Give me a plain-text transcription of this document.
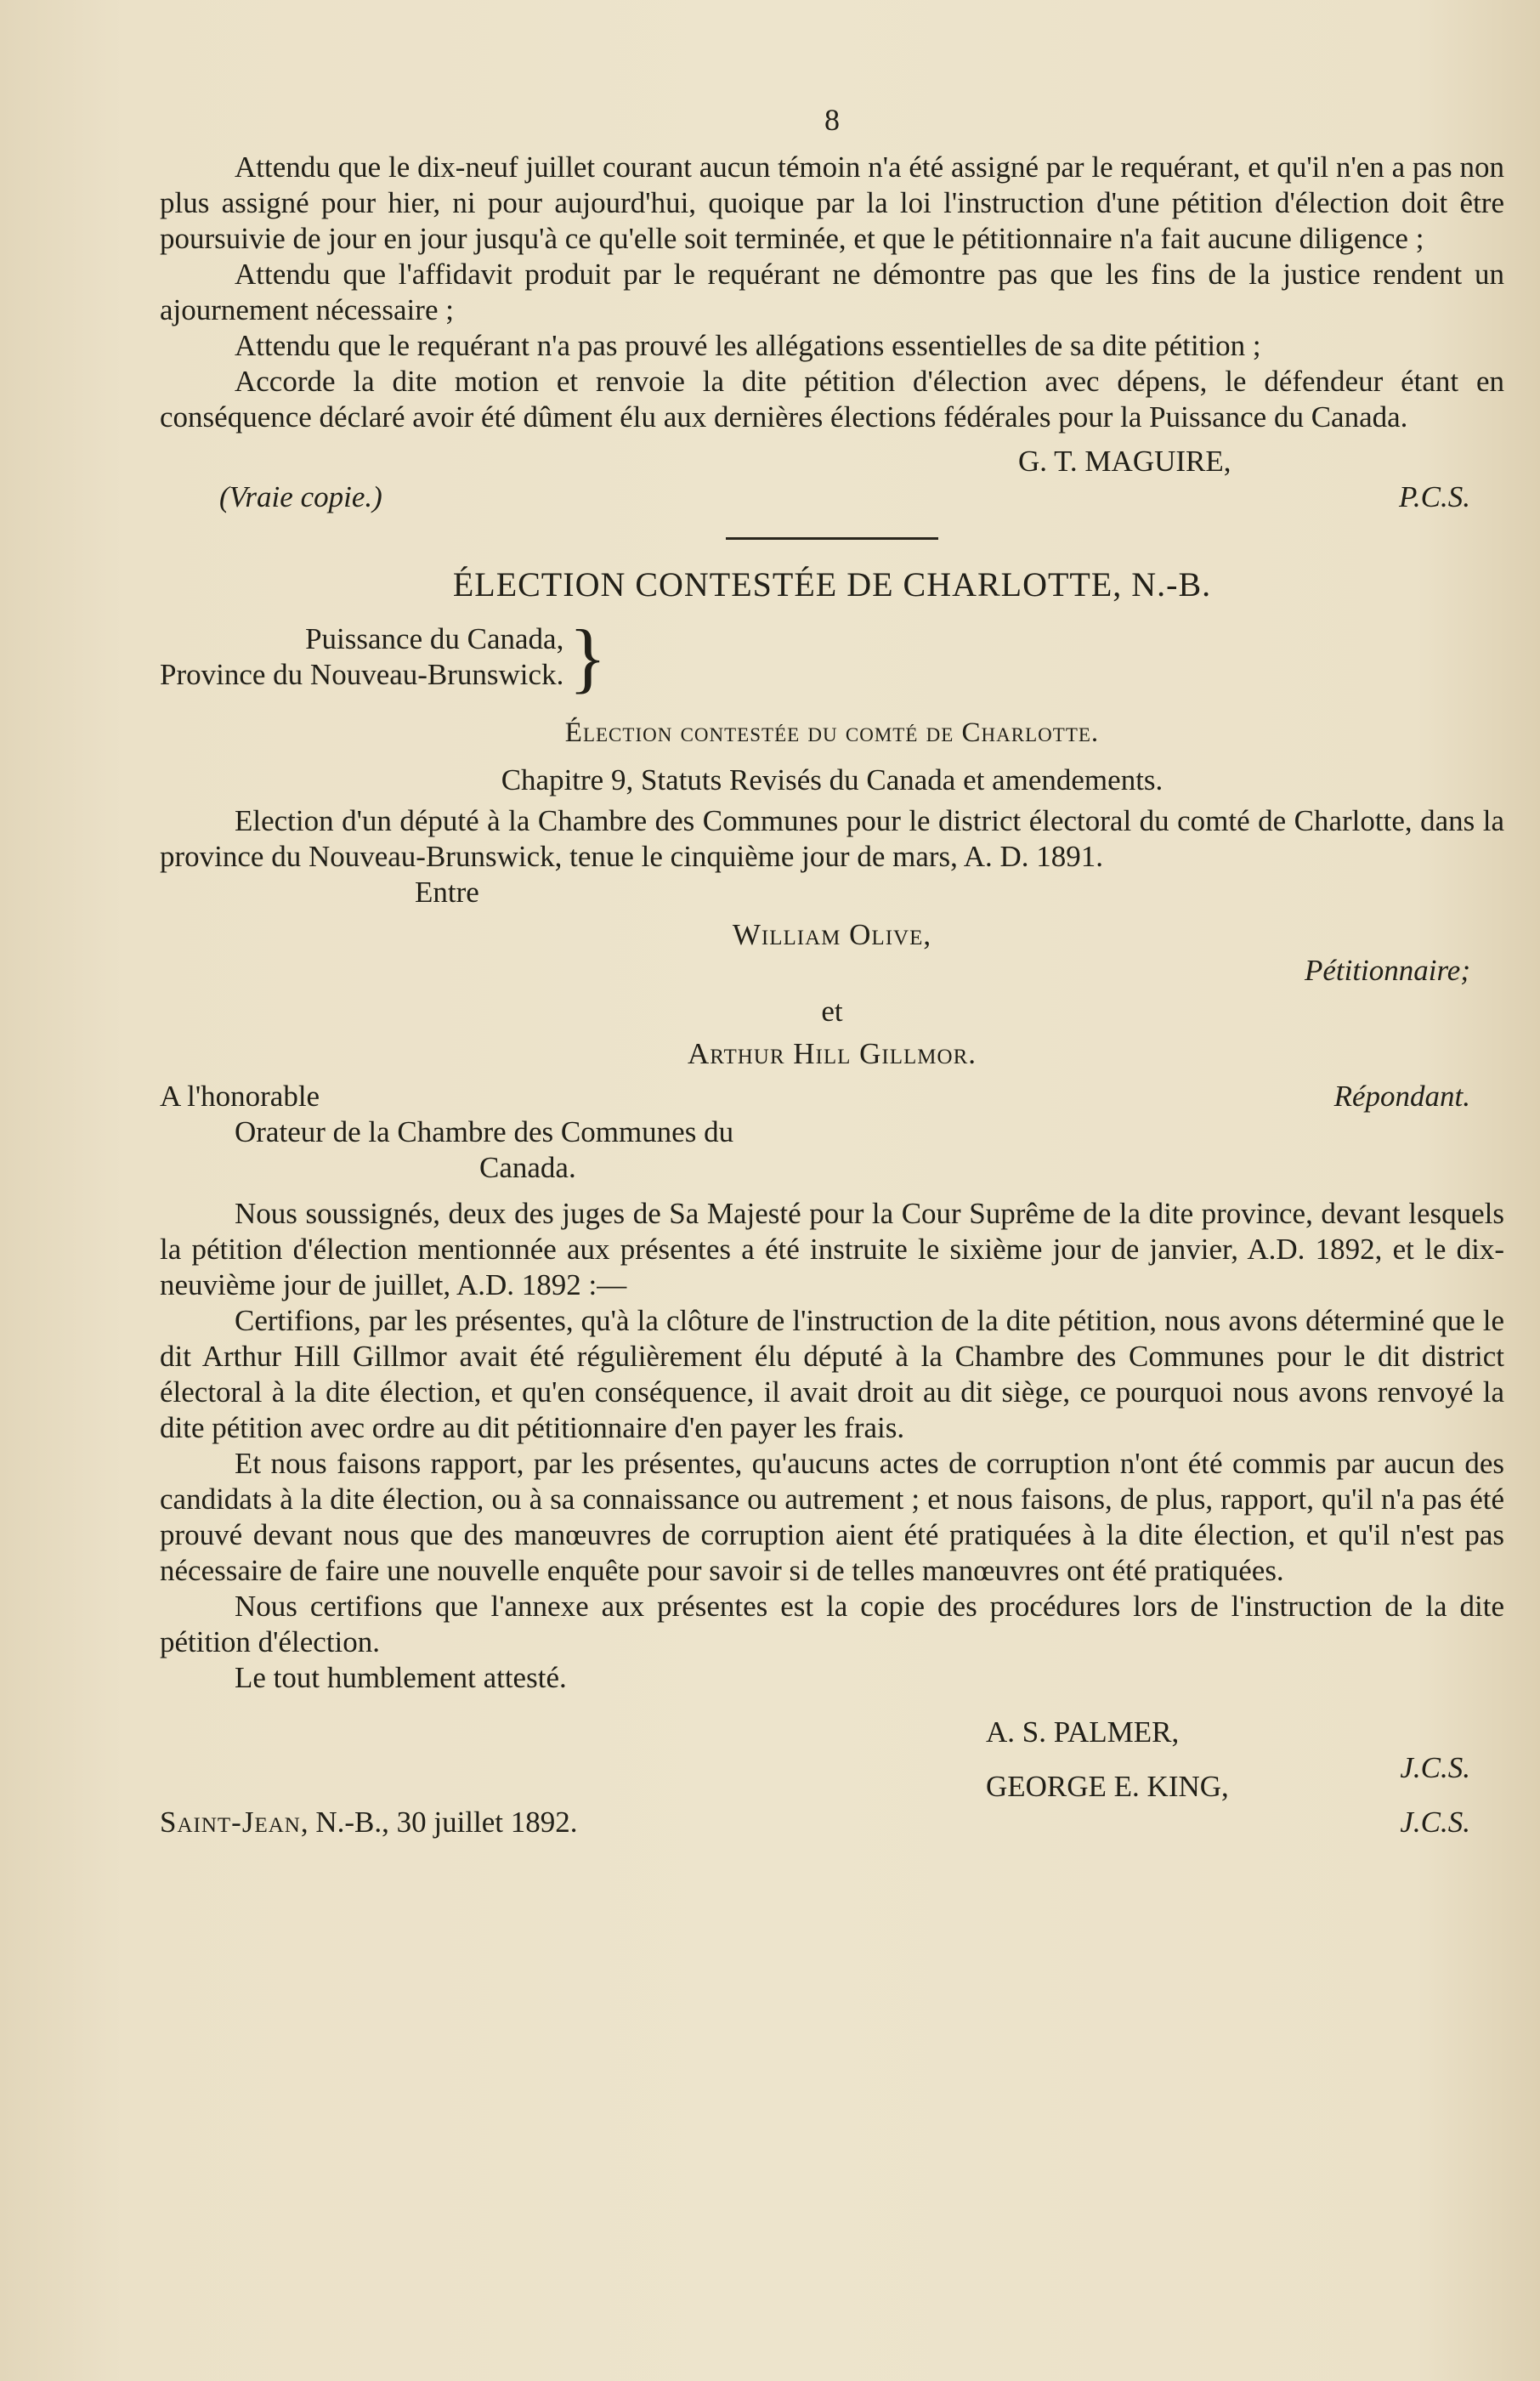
8

Attendu que le dix-neuf juillet courant aucun témoin n'a été assigné par le requérant, et qu'il n'en a pas non plus assigné pour hier, ni pour aujourd'hui, quoique par la loi l'instruction d'une pétition d'élection doit être poursuivie de jour en jour jusqu'à ce qu'elle soit terminée, et que le pétitionnaire n'a fait aucune diligence ;

Attendu que l'affidavit produit par le requérant ne démontre pas que les fins de la justice rendent un ajournement nécessaire ;

Attendu que le requérant n'a pas prouvé les allégations essentielles de sa dite pétition ;

Accorde la dite motion et renvoie la dite pétition d'élection avec dépens, le défendeur étant en conséquence déclaré avoir été dûment élu aux dernières élections fédérales pour la Puissance du Canada.

G. T. MAGUIRE,
(Vraie copie.)	P.C.S.
ÉLECTION CONTESTÉE DE CHARLOTTE, N.-B.
Puissance du Canada,
Province du Nouveau-Brunswick. }
Élection contestée du comté de Charlotte.
Chapitre 9, Statuts Revisés du Canada et amendements.

Election d'un député à la Chambre des Communes pour le district électoral du comté de Charlotte, dans la province du Nouveau-Brunswick, tenue le cinquième jour de mars, A. D. 1891.

Entre
William Olive,
Pétitionnaire;
et
Arthur Hill Gillmor.
A l'honorable	Répondant.
Orateur de la Chambre des Communes du
Canada.

Nous soussignés, deux des juges de Sa Majesté pour la Cour Suprême de la dite province, devant lesquels la pétition d'élection mentionnée aux présentes a été instruite le sixième jour de janvier, A.D. 1892, et le dix-neuvième jour de juillet, A.D. 1892 :—

Certifions, par les présentes, qu'à la clôture de l'instruction de la dite pétition, nous avons déterminé que le dit Arthur Hill Gillmor avait été régulièrement élu député à la Chambre des Communes pour le dit district électoral à la dite élection, et qu'en conséquence, il avait droit au dit siège, ce pourquoi nous avons renvoyé la dite pétition avec ordre au dit pétitionnaire d'en payer les frais.

Et nous faisons rapport, par les présentes, qu'aucuns actes de corruption n'ont été commis par aucun des candidats à la dite élection, ou à sa connaissance ou autrement ; et nous faisons, de plus, rapport, qu'il n'a pas été prouvé devant nous que des manœuvres de corruption aient été pratiquées à la dite élection, et qu'il n'est pas nécessaire de faire une nouvelle enquête pour savoir si de telles manœuvres ont été pratiquées.

Nous certifions que l'annexe aux présentes est la copie des procédures lors de l'instruction de la dite pétition d'élection.

Le tout humblement attesté.

A. S. PALMER,
J.C.S.
GEORGE E. KING,
Saint-Jean, N.-B., 30 juillet 1892.	J.C.S.
